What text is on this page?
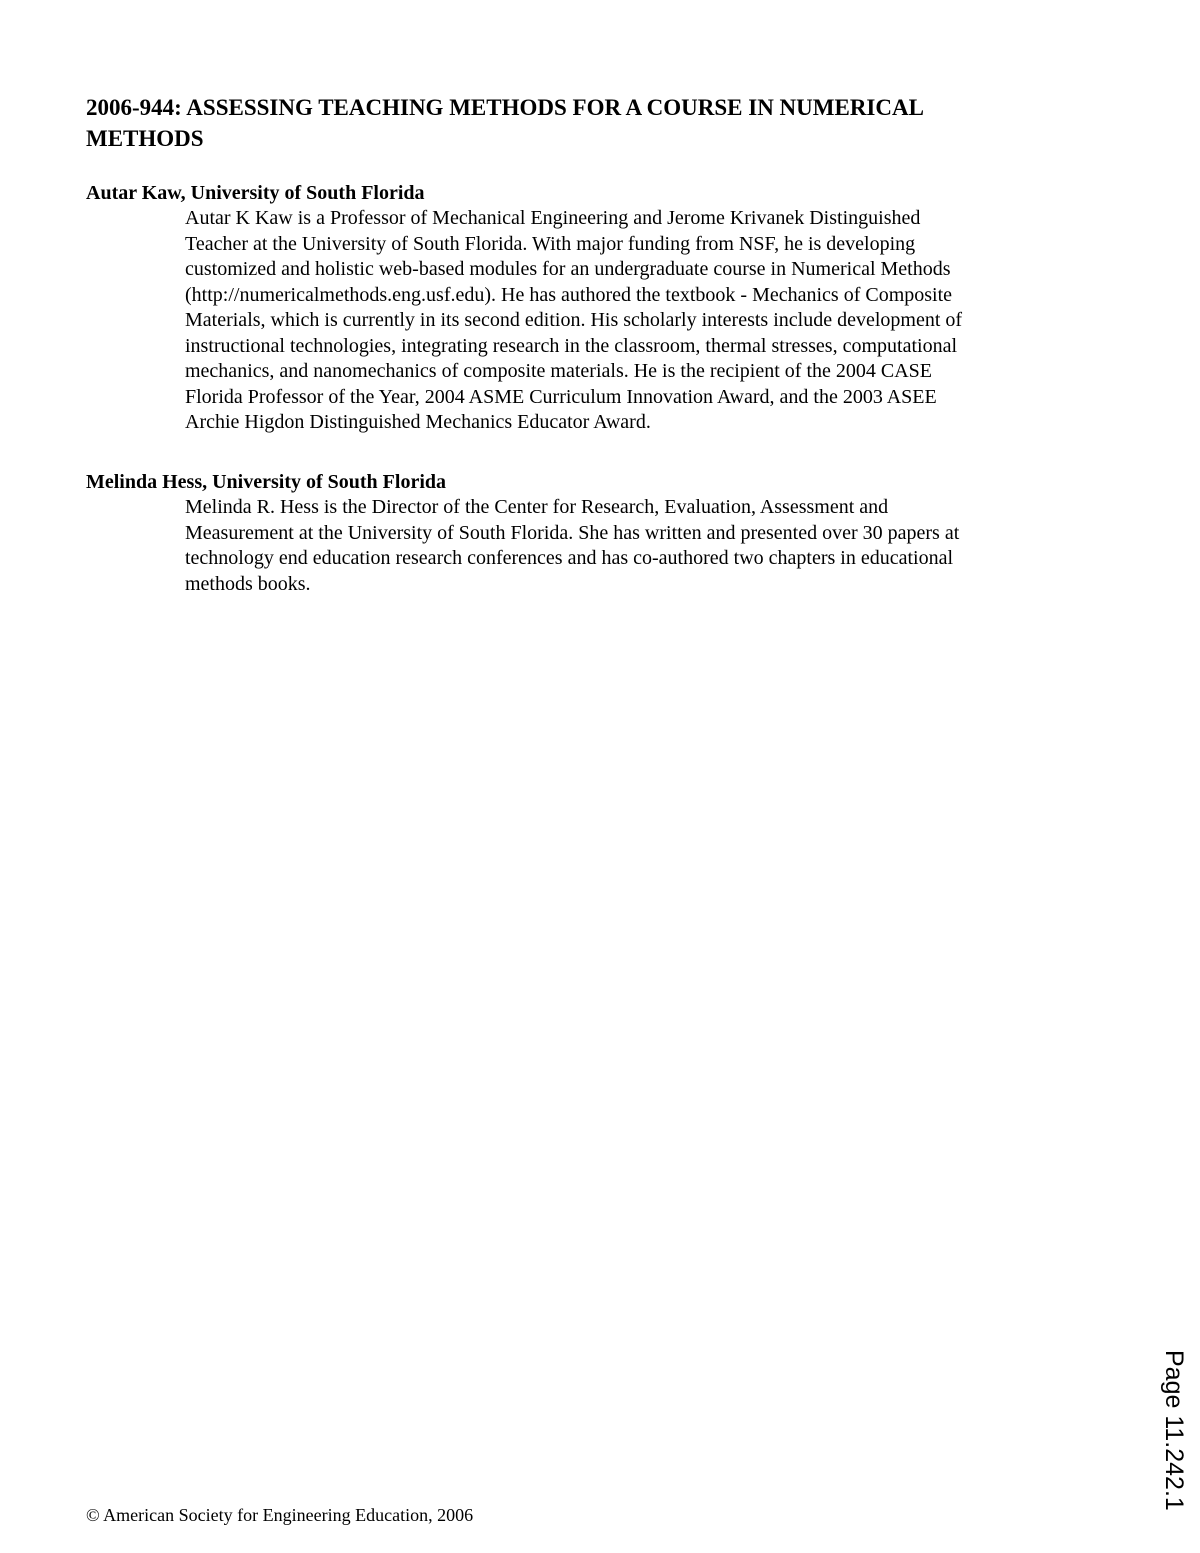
2006-944: ASSESSING TEACHING METHODS FOR A COURSE IN NUMERICAL
METHODS

Autar Kaw, University of South Florida

Autar K Kaw is a Professor of Mechanical Engineering and Jerome Krivanek Distinguished
Teacher at the University of South Florida. With major funding from NSF, he is developing
customized and holistic web-based modules for an undergraduate course in Numerical Methods
(http://numericalmethods.eng.usf.edu). He has authored the textbook - Mechanics of Composite
Materials, which is currently in its second edition. His scholarly interests include development of
instructional technologies, integrating research in the classroom, thermal stresses, computational
mechanics, and nanomechanics of composite materials. He is the recipient of the 2004 CASE
Florida Professor of the Year, 2004 ASME Curriculum Innovation Award, and the 2003 ASEE
Archie Higdon Distinguished Mechanics Educator Award.

Melinda Hess, University of South Florida

Melinda R. Hess is the Director of the Center for Research, Evaluation, Assessment and
Measurement at the University of South Florida. She has written and presented over 30 papers at
technology end education research conferences and has co-authored two chapters in educational
methods books.

Page 11.242.1

© American Society for Engineering Education, 2006
